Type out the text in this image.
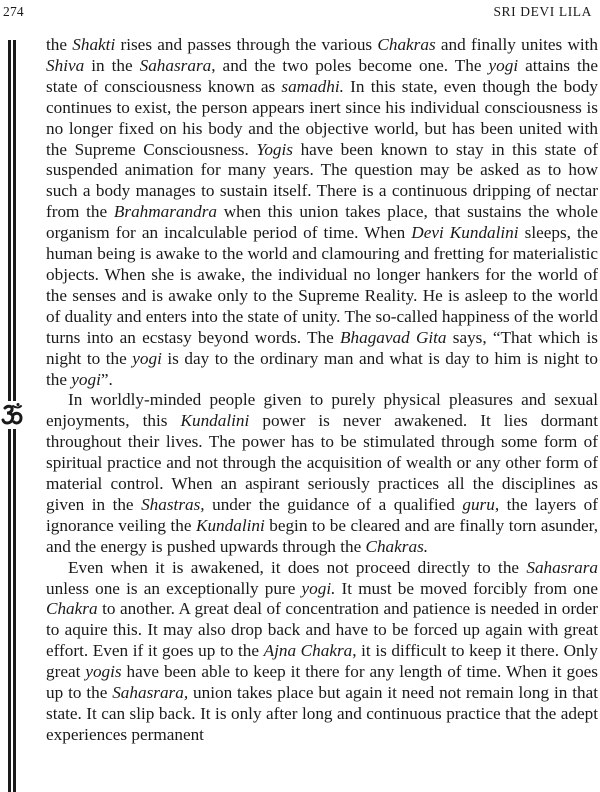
274	SRI DEVI LILA

the Shakti rises and passes through the various Chakras and finally unites with Shiva in the Sahasrara, and the two poles become one. The yogi attains the state of consciousness known as samadhi. In this state, even though the body continues to exist, the person appears inert since his individual consciousness is no longer fixed on his body and the objective world, but has been united with the Supreme Consciousness. Yogis have been known to stay in this state of suspended animation for many years. The question may be asked as to how such a body manages to sustain itself. There is a continuous dripping of nectar from the Brahmarandra when this union takes place, that sustains the whole organism for an incalculable period of time. When Devi Kundalini sleeps, the human being is awake to the world and clamouring and fretting for materialistic objects. When she is awake, the individual no longer hankers for the world of the senses and is awake only to the Supreme Reality. He is asleep to the world of duality and enters into the state of unity. The so-called happiness of the world turns into an ecstasy beyond words. The Bhagavad Gita says, “That which is night to the yogi is day to the ordinary man and what is day to him is night to the yogi”.

In worldly-minded people given to purely physical pleasures and sexual enjoyments, this Kundalini power is never awakened. It lies dormant throughout their lives. The power has to be stimulated through some form of spiritual practice and not through the acquisition of wealth or any other form of material control. When an aspirant seriously practices all the disciplines as given in the Shastras, under the guidance of a qualified guru, the layers of ignorance veiling the Kundalini begin to be cleared and are finally torn asunder, and the energy is pushed upwards through the Chakras.

Even when it is awakened, it does not proceed directly to the Sahasrara unless one is an exceptionally pure yogi. It must be moved forcibly from one Chakra to another. A great deal of concentration and patience is needed in order to aquire this. It may also drop back and have to be forced up again with great effort. Even if it goes up to the Ajna Chakra, it is difficult to keep it there. Only great yogis have been able to keep it there for any length of time. When it goes up to the Sahasrara, union takes place but again it need not remain long in that state. It can slip back. It is only after long and continuous practice that the adept experiences permanent
